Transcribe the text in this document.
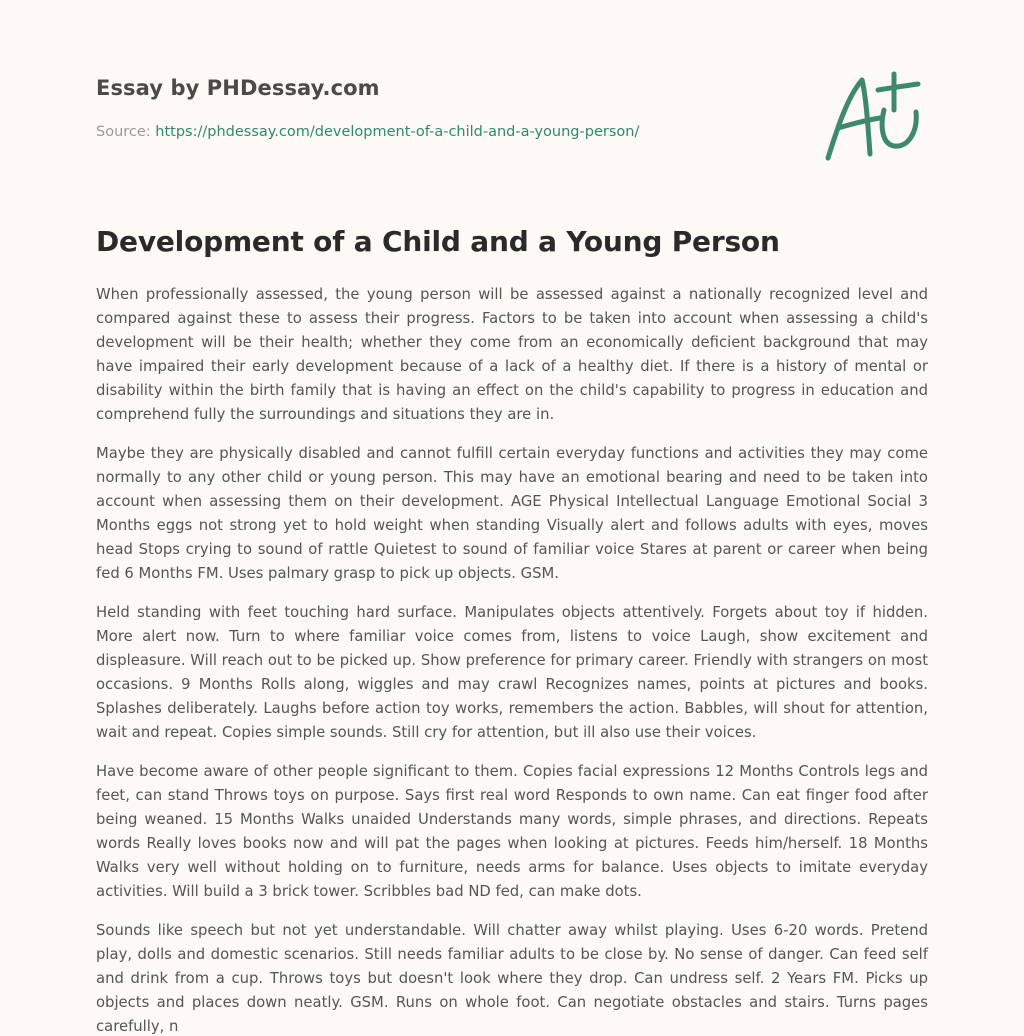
Essay by PHDessay.com
Source: https://phdessay.com/development-of-a-child-and-a-young-person/
Development of a Child and a Young Person

When professionally assessed, the young person will be assessed against a nationally recognized level and compared against these to assess their progress. Factors to be taken into account when assessing a child's development will be their health; whether they come from an economically deficient background that may have impaired their early development because of a lack of a healthy diet. If there is a history of mental or disability within the birth family that is having an effect on the child's capability to progress in education and comprehend fully the surroundings and situations they are in.

Maybe they are physically disabled and cannot fulfill certain everyday functions and activities they may come normally to any other child or young person. This may have an emotional bearing and need to be taken into account when assessing them on their development. AGE Physical Intellectual Language Emotional Social 3 Months eggs not strong yet to hold weight when standing Visually alert and follows adults with eyes, moves head Stops crying to sound of rattle Quietest to sound of familiar voice Stares at parent or career when being fed 6 Months FM. Uses palmary grasp to pick up objects. GSM.

Held standing with feet touching hard surface. Manipulates objects attentively. Forgets about toy if hidden. More alert now. Turn to where familiar voice comes from, listens to voice Laugh, show excitement and displeasure. Will reach out to be picked up. Show preference for primary career. Friendly with strangers on most occasions. 9 Months Rolls along, wiggles and may crawl Recognizes names, points at pictures and books. Splashes deliberately. Laughs before action toy works, remembers the action. Babbles, will shout for attention, wait and repeat. Copies simple sounds. Still cry for attention, but ill also use their voices.

Have become aware of other people significant to them. Copies facial expressions 12 Months Controls legs and feet, can stand Throws toys on purpose. Says first real word Responds to own name. Can eat finger food after being weaned. 15 Months Walks unaided Understands many words, simple phrases, and directions. Repeats words Really loves books now and will pat the pages when looking at pictures. Feeds him/herself. 18 Months Walks very well without holding on to furniture, needs arms for balance. Uses objects to imitate everyday activities. Will build a 3 brick tower. Scribbles bad ND fed, can make dots.

Sounds like speech but not yet understandable. Will chatter away whilst playing. Uses 6-20 words. Pretend play, dolls and domestic scenarios. Still needs familiar adults to be close by. No sense of danger. Can feed self and drink from a cup. Throws toys but doesn't look where they drop. Can undress self. 2 Years FM. Picks up objects and places down neatly. GSM. Runs on whole foot. Can negotiate obstacles and stairs. Turns pages carefully, n
